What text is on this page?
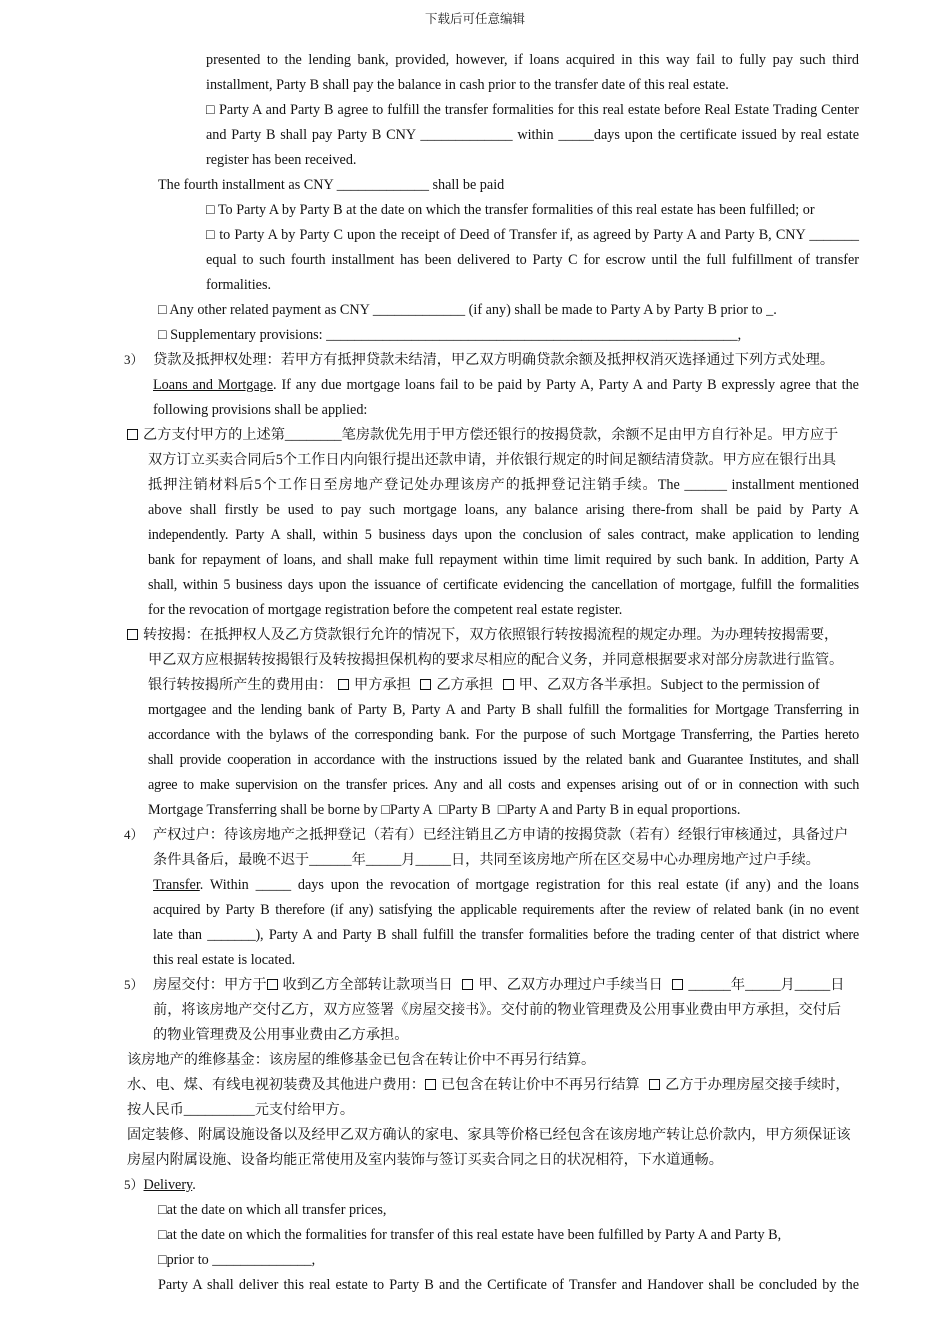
下载后可任意编辑
presented to the lending bank, provided, however, if loans acquired in this way fail to fully pay such third
installment, Party B shall pay the balance in cash prior to the transfer date of this real estate.
□ Party A and Party B agree to fulfill the transfer formalities for this real estate before Real Estate Trading Center
and Party B shall pay Party B CNY _____________ within _____days upon the certificate issued by real estate
register has been received.
The fourth installment as CNY _____________ shall be paid
□ To Party A by Party B at the date on which the transfer formalities of this real estate has been fulfilled; or
□ to Party A by Party C upon the receipt of Deed of Transfer if, as agreed by Party A and Party B, CNY _______
equal to such fourth installment has been delivered to Party C for escrow until the full fulfillment of transfer
formalities.
□ Any other related payment as CNY _____________ (if any) shall be made to Party A by Party B prior to _.
□ Supplementary provisions: __________________________________________________________,
3） 贷款及抵押权处理：若甲方有抵押贷款未结清，甲乙双方明确贷款余额及抵押权消灭选择通过下列方式处理。
Loans and Mortgage. If any due mortgage loans fail to be paid by Party A, Party A and Party B expressly agree that the
following provisions shall be applied:
乙方支付甲方的上述第________笔房款优先用于甲方偿还银行的按揭贷款，余额不足由甲方自行补足。甲方应于
双方订立买卖合同后5个工作日内向银行提出还款申请，并依银行规定的时间足额结清贷款。甲方应在银行出具
抵押注销材料后5个工作日至房地产登记处办理该房产的抵押登记注销手续。The ______ installment mentioned
above shall firstly be used to pay such mortgage loans, any balance arising there-from shall be paid by Party A
independently. Party A shall, within 5 business days upon the conclusion of sales contract, make application to lending
bank for repayment of loans, and shall make full repayment within time limit required by such bank. In addition, Party A
shall, within 5 business days upon the issuance of certificate evidencing the cancellation of mortgage, fulfill the formalities
for the revocation of mortgage registration before the competent real estate register.
转按揭：在抵押权人及乙方贷款银行允许的情况下，双方依照银行转按揭流程的规定办理。为办理转按揭需要，
甲乙双方应根据转按揭银行及转按揭担保机构的要求尽相应的配合义务，并同意根据要求对部分房款进行监管。
银行转按揭所产生的费用由： 甲方承担 乙方承担 甲、乙双方各半承担。Subject to the permission of
mortgagee and the lending bank of Party B, Party A and Party B shall fulfill the formalities for Mortgage Transferring in
accordance with the bylaws of the corresponding bank. For the purpose of such Mortgage Transferring, the Parties hereto
shall provide cooperation in accordance with the instructions issued by the related bank and Guarantee Institutes, and shall
agree to make supervision on the transfer prices. Any and all costs and expenses arising out of or in connection with such
Mortgage Transferring shall be borne by □Party A □Party B □Party A and Party B in equal proportions.
4） 产权过户：待该房地产之抵押登记（若有）已经注销且乙方申请的按揭贷款（若有）经银行审核通过，具备过户
条件具备后，最晚不迟于______年_____月_____日，共同至该房地产所在区交易中心办理房地产过户手续。
Transfer. Within _____ days upon the revocation of mortgage registration for this real estate (if any) and the loans
acquired by Party B therefore (if any) satisfying the applicable requirements after the review of related bank (in no event
late than _______), Party A and Party B shall fulfill the transfer formalities before the trading center of that district where
this real estate is located.
5） 房屋交付：甲方于 收到乙方全部转让款项当日 甲、乙双方办理过户手续当日 ______年_____月_____日
前，将该房地产交付乙方，双方应签署《房屋交接书》。交付前的物业管理费及公用事业费由甲方承担，交付后
的物业管理费及公用事业费由乙方承担。
该房地产的维修基金：该房屋的维修基金已包含在转让价中不再另行结算。
水、电、煤、有线电视初装费及其他进户费用： 已包含在转让价中不再另行结算 乙方于办理房屋交接手续时，
按人民币__________元支付给甲方。
固定装修、附属设施设备以及经甲乙双方确认的家电、家具等价格已经包含在该房地产转让总价款内，甲方须保证该
房屋内附属设施、设备均能正常使用及室内装饰与签订买卖合同之日的状况相符，下水道通畅。
5）Delivery.
□at the date on which all transfer prices,
□at the date on which the formalities for transfer of this real estate have been fulfilled by Party A and Party B,
□prior to ______________,
Party A shall deliver this real estate to Party B and the Certificate of Transfer and Handover shall be concluded by the
